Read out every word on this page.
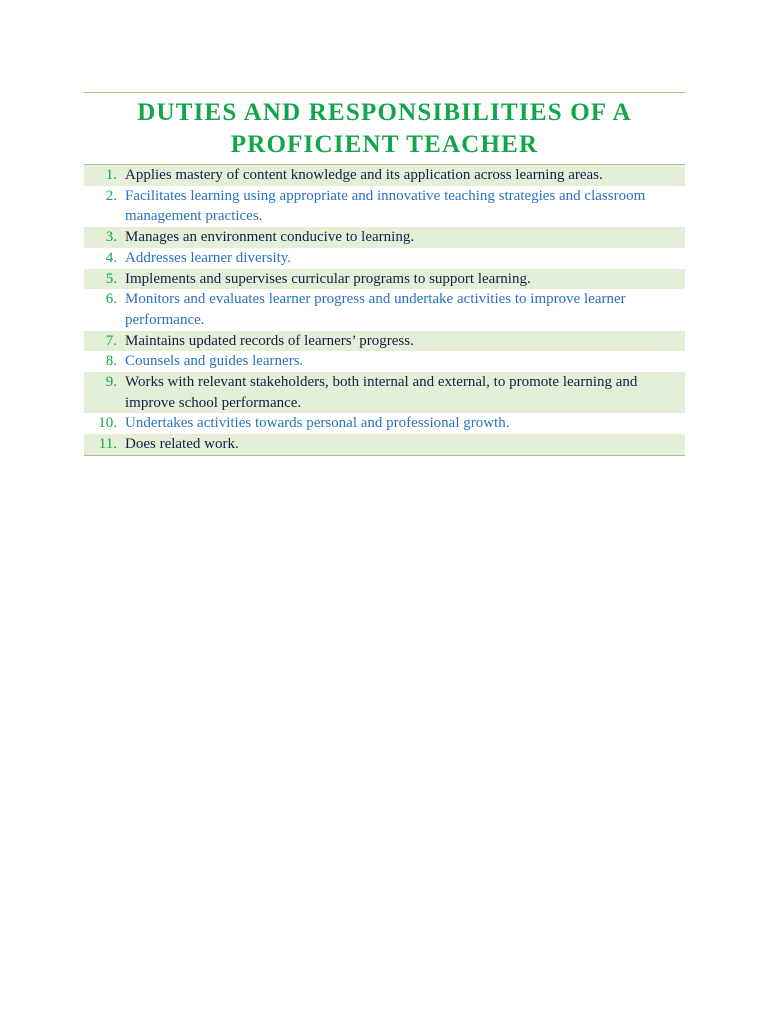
DUTIES AND RESPONSIBILITIES OF A
PROFICIENT TEACHER
1. Applies mastery of content knowledge and its application across learning areas.
2. Facilitates learning using appropriate and innovative teaching strategies and classroom management practices.
3. Manages an environment conducive to learning.
4. Addresses learner diversity.
5. Implements and supervises curricular programs to support learning.
6. Monitors and evaluates learner progress and undertake activities to improve learner performance.
7. Maintains updated records of learners’ progress.
8. Counsels and guides learners.
9. Works with relevant stakeholders, both internal and external, to promote learning and improve school performance.
10. Undertakes activities towards personal and professional growth.
11. Does related work.
